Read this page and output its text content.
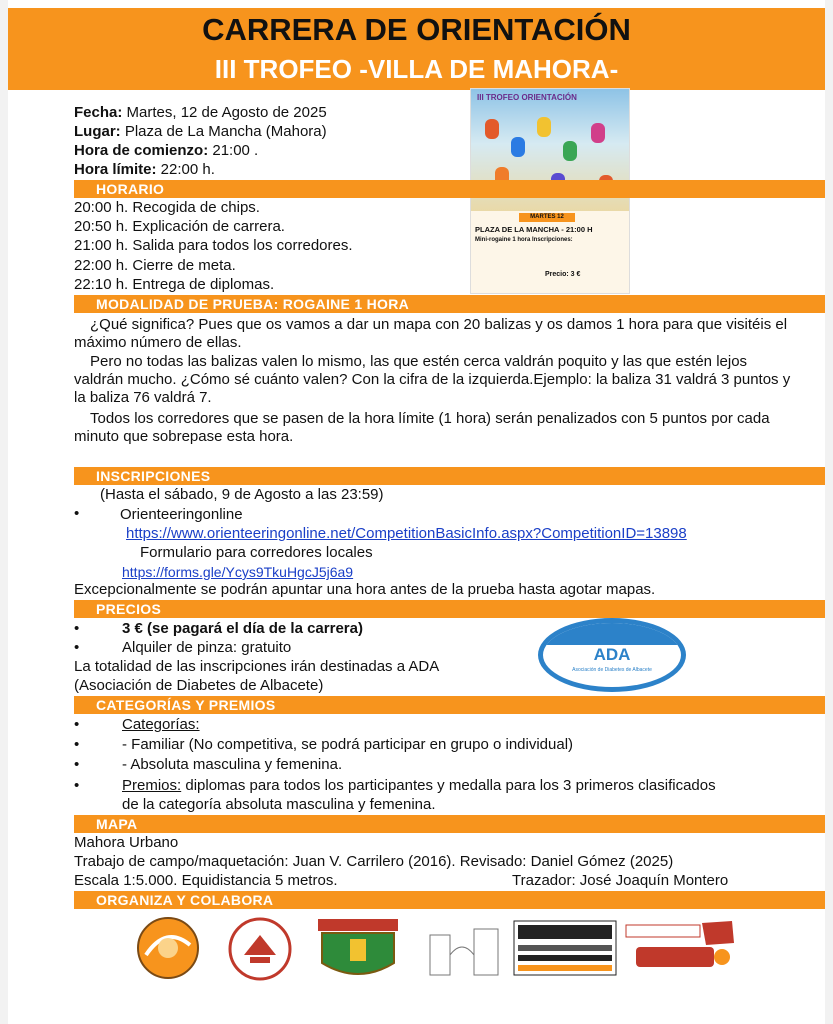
CARRERA DE ORIENTACIÓN
III TROFEO -VILLA DE MAHORA-
Fecha: Martes, 12 de Agosto de 2025
Lugar: Plaza de La Mancha (Mahora)
Hora de comienzo: 21:00 .
Hora límite: 22:00 h.
III TROFEO ORIENTACIÓN
MARTES 12
PLAZA DE LA MANCHA - 21:00 H
Mini-rogaine 1 hora Inscripciones:
Precio: 3 €
HORARIO
20:00 h. Recogida de chips.
20:50 h. Explicación de carrera.
21:00 h. Salida para todos los corredores.
22:00 h. Cierre de meta.
22:10 h. Entrega de diplomas.
MODALIDAD DE PRUEBA: ROGAINE 1 HORA
¿Qué significa? Pues que os vamos a dar un mapa con 20 balizas y os damos 1 hora para que visitéis el máximo número de ellas.
Pero no todas las balizas valen lo mismo, las que estén cerca valdrán poquito y las que estén lejos valdrán mucho. ¿Cómo sé cuánto valen? Con la cifra de la izquierda.Ejemplo: la baliza 31 valdrá 3 puntos y la baliza 76 valdrá 7.
Todos los corredores que se pasen de la hora límite (1 hora) serán penalizados con 5 puntos por cada minuto que sobrepase esta hora.
INSCRIPCIONES
(Hasta el sábado, 9 de Agosto a las 23:59)
•	Orienteeringonline
https://www.orienteeringonline.net/CompetitionBasicInfo.aspx?CompetitionID=13898
Formulario para corredores locales
https://forms.gle/Ycys9TkuHgcJ5j6a9
Excepcionalmente se podrán apuntar una hora antes de la prueba hasta agotar mapas.
PRECIOS
•	3 € (se pagará el día de la carrera)
•	Alquiler de pinza: gratuito
La totalidad de las inscripciones irán destinadas a ADA
(Asociación de Diabetes de Albacete)
ADA
Asociación de Diabetes de Albacete
CATEGORÍAS Y PREMIOS
•	Categorías:
•	- Familiar (No competitiva, se podrá participar en grupo o individual)
•	- Absoluta masculina y femenina.
•	Premios: diplomas para todos los participantes y medalla para los 3 primeros clasificados
de la categoría absoluta masculina y femenina.
MAPA
Mahora Urbano
Trabajo de campo/maquetación: Juan V. Carrilero (2016). Revisado: Daniel Gómez (2025)
Escala 1:5.000. Equidistancia 5 metros.	Trazador: José Joaquín Montero
ORGANIZA Y COLABORA
